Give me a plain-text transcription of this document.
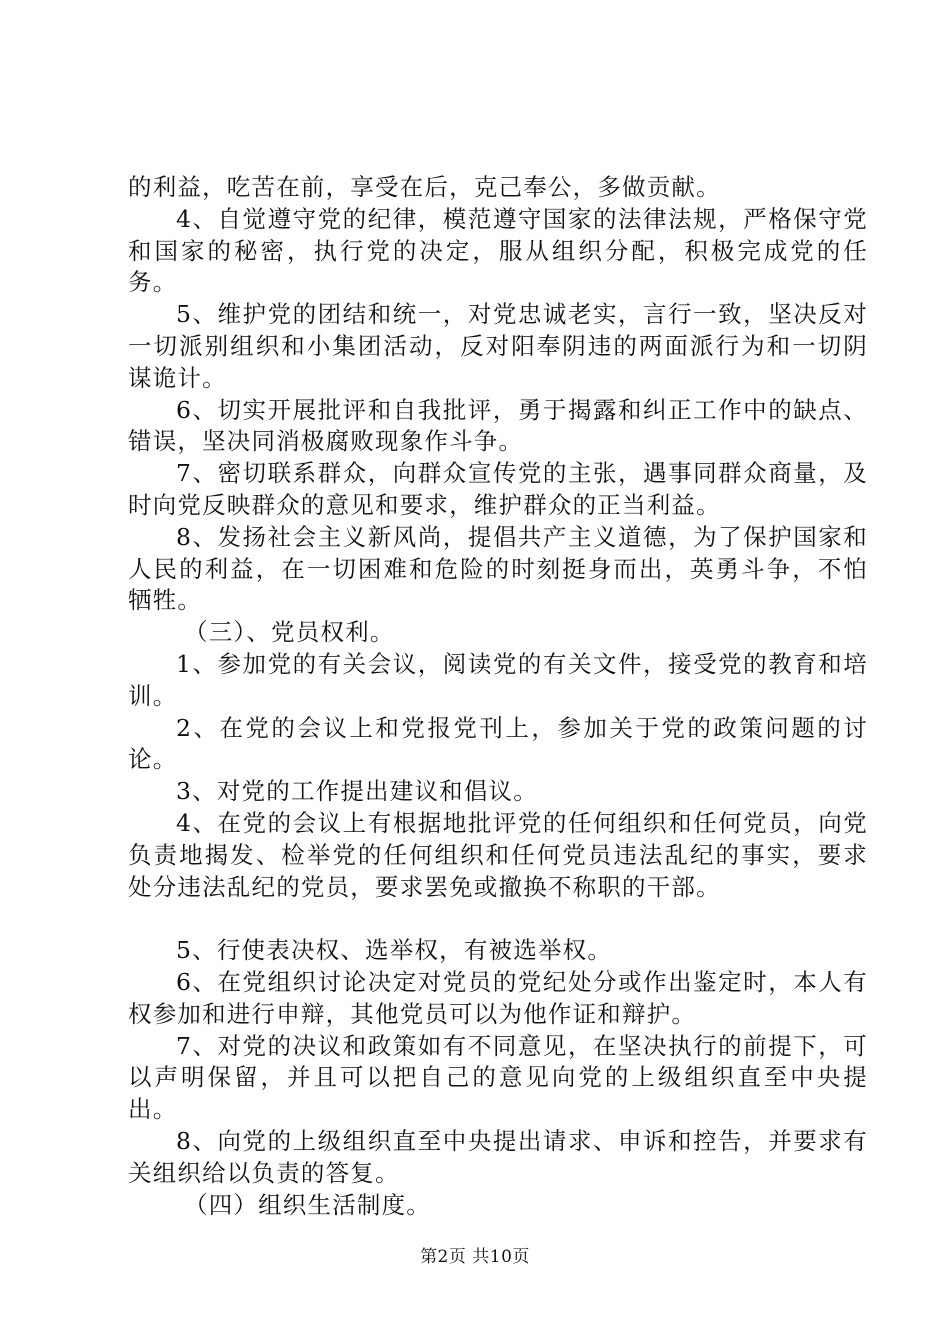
的利益，吃苦在前，享受在后，克己奉公，多做贡献。

4、自觉遵守党的纪律，模范遵守国家的法律法规，严格保守党和国家的秘密，执行党的决定，服从组织分配，积极完成党的任务。

5、维护党的团结和统一，对党忠诚老实，言行一致，坚决反对一切派别组织和小集团活动，反对阳奉阴违的两面派行为和一切阴谋诡计。

6、切实开展批评和自我批评，勇于揭露和纠正工作中的缺点、错误，坚决同消极腐败现象作斗争。

7、密切联系群众，向群众宣传党的主张，遇事同群众商量，及时向党反映群众的意见和要求，维护群众的正当利益。

8、发扬社会主义新风尚，提倡共产主义道德，为了保护国家和人民的利益，在一切困难和危险的时刻挺身而出，英勇斗争，不怕牺牲。

（三）、党员权利。

1、参加党的有关会议，阅读党的有关文件，接受党的教育和培训。

2、在党的会议上和党报党刊上，参加关于党的政策问题的讨论。

3、对党的工作提出建议和倡议。

4、在党的会议上有根据地批评党的任何组织和任何党员，向党负责地揭发、检举党的任何组织和任何党员违法乱纪的事实，要求处分违法乱纪的党员，要求罢免或撤换不称职的干部。

5、行使表决权、选举权，有被选举权。

6、在党组织讨论决定对党员的党纪处分或作出鉴定时，本人有权参加和进行申辩，其他党员可以为他作证和辩护。

7、对党的决议和政策如有不同意见，在坚决执行的前提下，可以声明保留，并且可以把自己的意见向党的上级组织直至中央提出。

8、向党的上级组织直至中央提出请求、申诉和控告，并要求有关组织给以负责的答复。

（四）组织生活制度。

第2页 共10页
